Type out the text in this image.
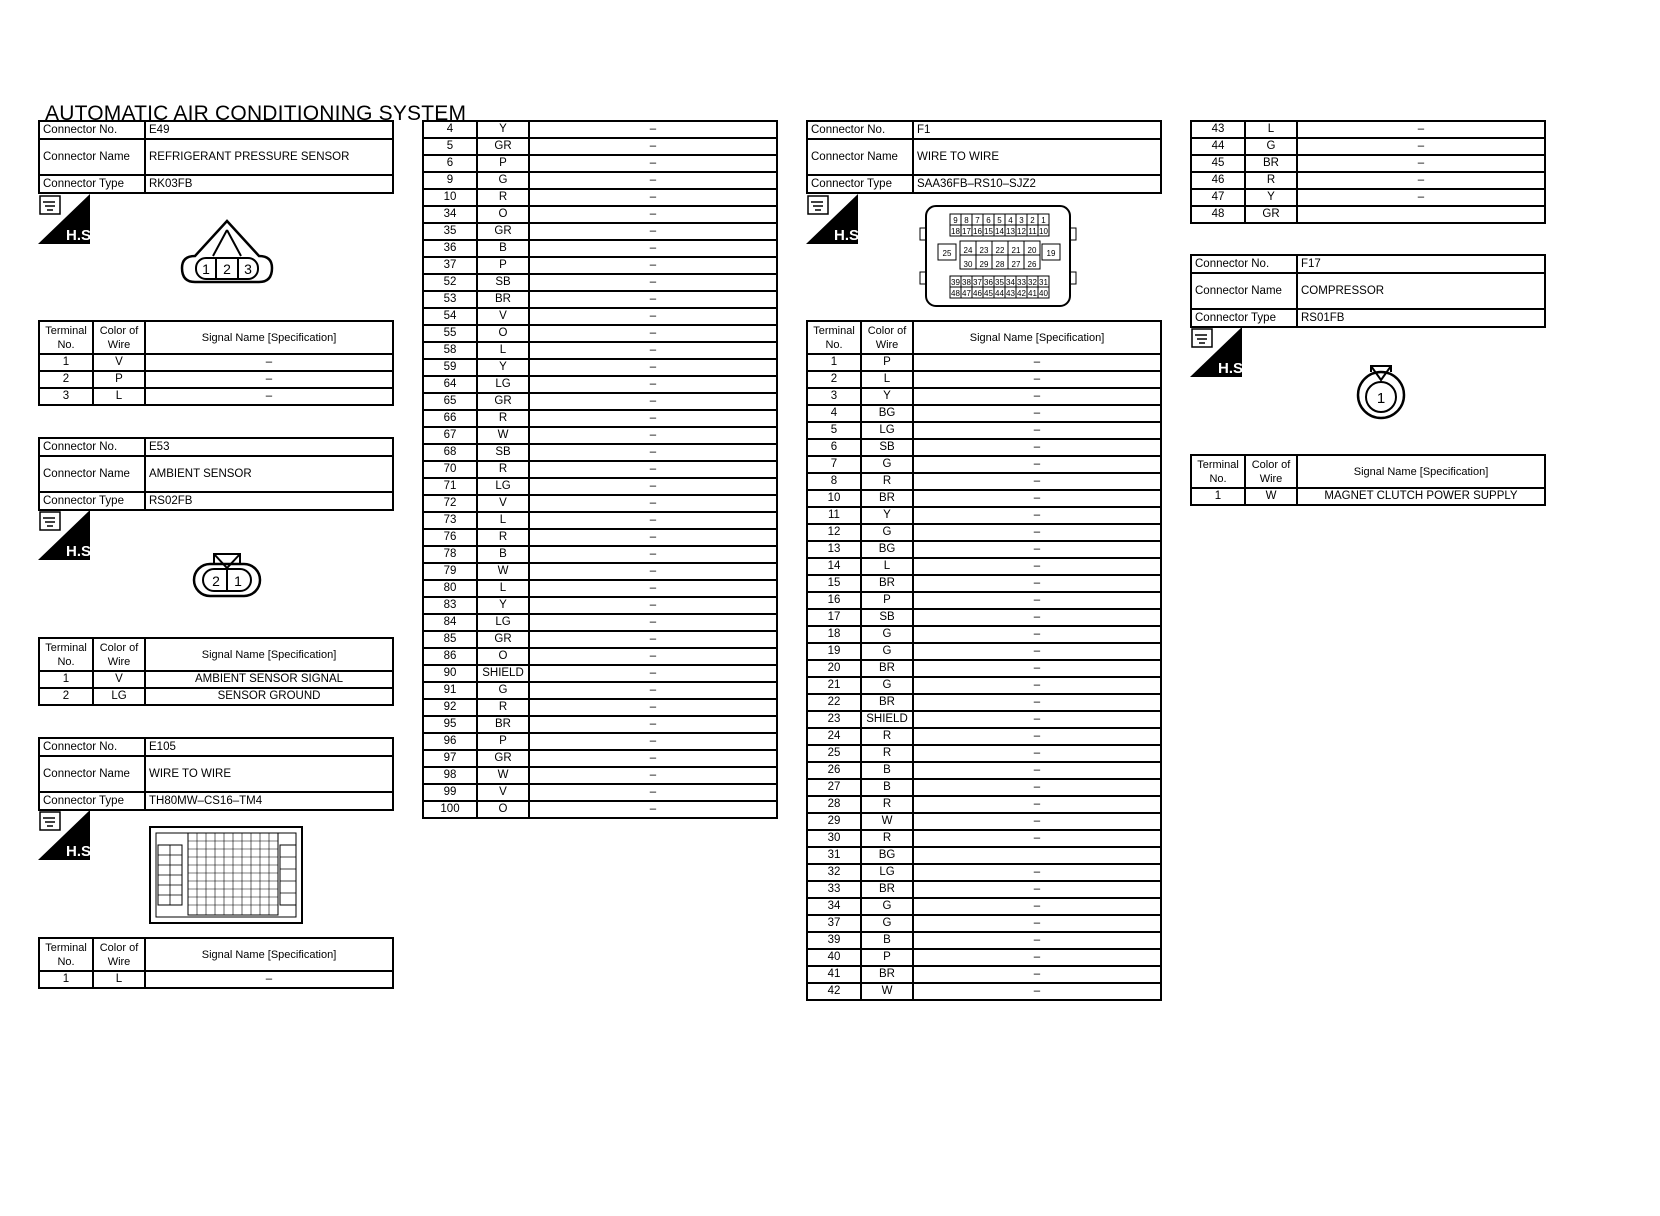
AUTOMATIC AIR CONDITIONING SYSTEM
Connector No.	E49
Connector Name	REFRIGERANT PRESSURE SENSOR
Connector Type	RK03FB
H.S.
1 2 3
Terminal No.	Color of Wire	Signal Name [Specification]
1	V	–
2	P	–
3	L	–
Connector No.	E53
Connector Name	AMBIENT SENSOR
Connector Type	RS02FB
H.S.
2 1
Terminal No.	Color of Wire	Signal Name [Specification]
1	V	AMBIENT SENSOR SIGNAL
2	LG	SENSOR GROUND
Connector No.	E105
Connector Name	WIRE TO WIRE
Connector Type	TH80MW–CS16–TM4
H.S.
Terminal No.	Color of Wire	Signal Name [Specification]
1	L	–
4	Y	–
5	GR	–
6	P	–
9	G	–
10	R	–
34	O	–
35	GR	–
36	B	–
37	P	–
52	SB	–
53	BR	–
54	V	–
55	O	–
58	L	–
59	Y	–
64	LG	–
65	GR	–
66	R	–
67	W	–
68	SB	–
70	R	–
71	LG	–
72	V	–
73	L	–
76	R	–
78	B	–
79	W	–
80	L	–
83	Y	–
84	LG	–
85	GR	–
86	O	–
90	SHIELD	–
91	G	–
92	R	–
95	BR	–
96	P	–
97	GR	–
98	W	–
99	V	–
100	O	–
Connector No.	F1
Connector Name	WIRE TO WIRE
Connector Type	SAA36FB–RS10–SJZ2
H.S.
9 8 7 6 5 4 3 2 1
18 17 16 15 14 13 12 11 10
24 23 22 21 20
30 29 28 27 26
39 38 37 36 35 34 33 32 31
48 47 46 45 44 43 42 41 40
25	19
Terminal No.	Color of Wire	Signal Name [Specification]
1	P	–
2	L	–
3	Y	–
4	BG	–
5	LG	–
6	SB	–
7	G	–
8	R	–
10	BR	–
11	Y	–
12	G	–
13	BG	–
14	L	–
15	BR	–
16	P	–
17	SB	–
18	G	–
19	G	–
20	BR	–
21	G	–
22	BR	–
23	SHIELD	–
24	R	–
25	R	–
26	B	–
27	B	–
28	R	–
29	W	–
30	R	–
31	BG	
32	LG	–
33	BR	–
34	G	–
37	G	–
39	B	–
40	P	–
41	BR	–
42	W	–
43	L	–
44	G	–
45	BR	–
46	R	–
47	Y	–
48	GR	
Connector No.	F17
Connector Name	COMPRESSOR
Connector Type	RS01FB
H.S.
1
Terminal No.	Color of Wire	Signal Name [Specification]
1	W	MAGNET CLUTCH POWER SUPPLY
